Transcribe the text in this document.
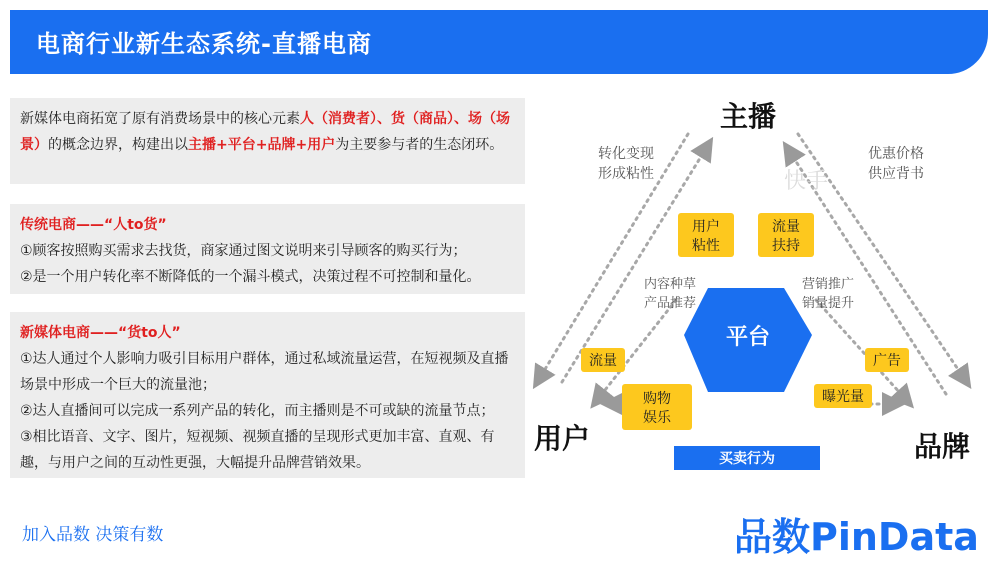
电商行业新生态系统-直播电商

新媒体电商拓宽了原有消费场景中的核心元素人（消费者）、货（商品）、场（场景）的概念边界，构建出以主播+平台+品牌+用户为主要参与者的生态闭环。

传统电商——“人to货”

①顾客按照购买需求去找货，商家通过图文说明来引导顾客的购买行为；

②是一个用户转化率不断降低的一个漏斗模式，决策过程不可控制和量化。

新媒体电商——“货to人”

①达人通过个人影响力吸引目标用户群体，通过私域流量运营，在短视频及直播场景中形成一个巨大的流量池；

②达人直播间可以完成一系列产品的转化，而主播则是不可或缺的流量节点；

③相比语音、文字、图片，短视频、视频直播的呈现形式更加丰富、直观、有趣，与用户之间的互动性更强，大幅提升品牌营销效果。

主播
用户	品牌
转化变现
形成粘性
优惠价格
供应背书
快手
内容种草
产品推荐
营销推广
销量提升
平台
用户
粘性
流量
扶持
流量	广告
购物
娱乐
曝光量
买卖行为
加入品数 决策有数	品数PinData
